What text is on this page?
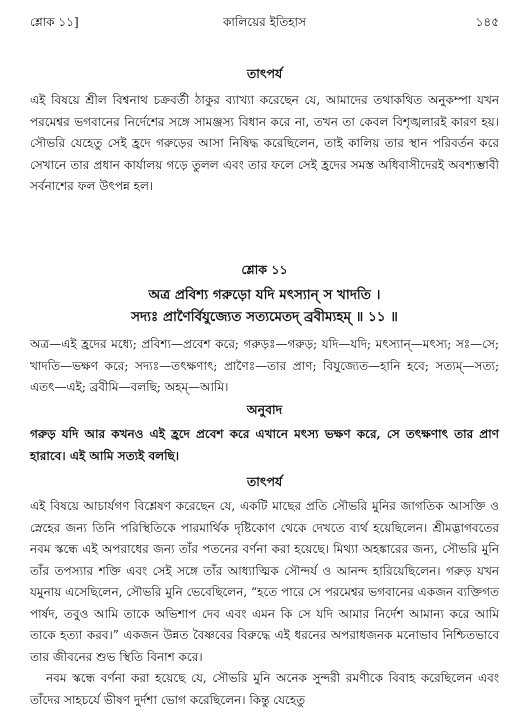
শ্লোক ১১]	কালিয়ের ইতিহাস	১৪৫

তাৎপর্য

এই বিষয়ে শ্রীল বিশ্বনাথ চক্রবর্তী ঠাকুর ব্যাখ্যা করেছেন যে, আমাদের তথাকথিত অনুকম্পা যখন পরমেশ্বর ভগবানের নির্দেশের সঙ্গে সামঞ্জস্য বিধান করে না, তখন তা কেবল বিশৃঙ্খলারই কারণ হয়। সৌভরি যেহেতু সেই হ্রদে গরুড়ের আসা নিষিদ্ধ করেছিলেন, তাই কালিয় তার স্থান পরিবর্তন করে সেখানে তার প্রধান কার্যালয় গড়ে তুলল এবং তার ফলে সেই হ্রদের সমস্ত অধিবাসীদেরই অবশ্যম্ভাবী সর্বনাশের ফল উৎপন্ন হল।

শ্লোক ১১

অত্র প্রবিশ্য গরুড়ো যদি মৎস্যান্ স খাদতি ।

সদ্যঃ প্রাণৈর্বিযুজ্যেত সত্যমেতদ্ ব্রবীম্যহম্ ॥ ১১ ॥

অত্র—এই হ্রদের মধ্যে; প্রবিশ্য—প্রবেশ করে; গরুড়ঃ—গরুড়; যদি—যদি; মৎস্যান্—মৎস্য; সঃ—সে; খাদতি—ভক্ষণ করে; সদ্যঃ—তৎক্ষণাৎ; প্রাণৈঃ—তার প্রাণ; বিযুজ্যেত—হানি হবে; সত্যম্—সত্য; এতৎ—এই; ব্রবীমি—বলছি; অহম্—আমি।

অনুবাদ

গরুড় যদি আর কখনও এই হ্রদে প্রবেশ করে এখানে মৎস্য ভক্ষণ করে, সে তৎক্ষণাৎ তার প্রাণ হারাবে। এই আমি সত্যই বলছি।

তাৎপর্য

এই বিষয়ে আচার্যগণ বিশ্লেষণ করেছেন যে, একটি মাছের প্রতি সৌভরি মুনির জাগতিক আসক্তি ও স্নেহের জন্য তিনি পরিস্থিতিকে পারমার্থিক দৃষ্টিকোণ থেকে দেখতে ব্যর্থ হয়েছিলেন। শ্রীমদ্ভাগবতের নবম স্কন্ধে এই অপরাধের জন্য তাঁর পতনের বর্ণনা করা হয়েছে। মিথ্যা অহঙ্কারের জন্য, সৌভরি মুনি তাঁর তপস্যার শক্তি এবং সেই সঙ্গে তাঁর আধ্যাত্মিক সৌন্দর্য ও আনন্দ হারিয়েছিলেন। গরুড় যখন যমুনায় এসেছিলেন, সৌভরি মুনি ভেবেছিলেন, “হতে পারে সে পরমেশ্বর ভগবানের একজন ব্যক্তিগত পার্ষদ, তবুও আমি তাকে অভিশাপ দেব এবং এমন কি সে যদি আমার নির্দেশ আমান্য করে আমি তাকে হত্যা করব।” একজন উন্নত বৈষ্ণবের বিরুদ্ধে এই ধরনের অপরাধজনক মনোভাব নিশ্চিতভাবে তার জীবনের শুভ স্থিতি বিনাশ করে।

নবম স্কন্ধে বর্ণনা করা হয়েছে যে, সৌভরি মুনি অনেক সুন্দরী রমণীকে বিবাহ করেছিলেন এবং তাঁদের সাহচর্যে ভীষণ দুর্দশা ভোগ করেছিলেন। কিন্তু যেহেতু
